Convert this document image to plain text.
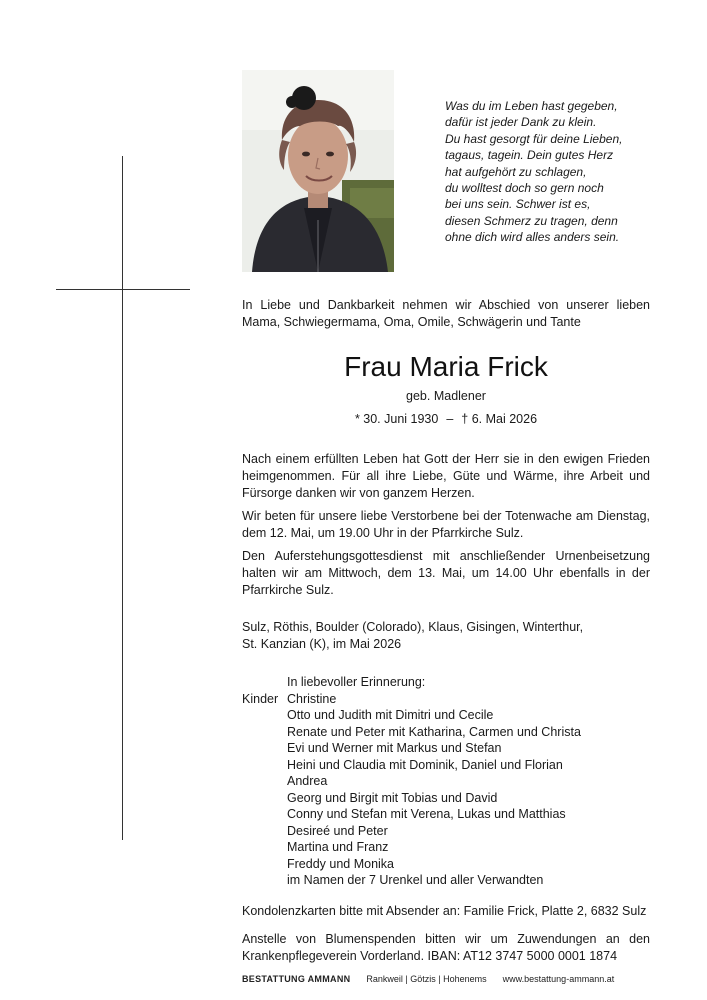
Was du im Leben hast gegeben,
dafür ist jeder Dank zu klein.
Du hast gesorgt für deine Lieben,
tagaus, tagein. Dein gutes Herz
hat aufgehört zu schlagen,
du wolltest doch so gern noch
bei uns sein. Schwer ist es,
diesen Schmerz zu tragen, denn
ohne dich wird alles anders sein.
In Liebe und Dankbarkeit nehmen wir Abschied von unserer lieben Mama, Schwiegermama, Oma, Omile, Schwägerin und Tante
Frau Maria Frick
geb. Madlener
* 30. Juni 1930 – † 6. Mai 2026
Nach einem erfüllten Leben hat Gott der Herr sie in den ewigen Frieden heimgenommen. Für all ihre Liebe, Güte und Wärme, ihre Arbeit und Fürsorge danken wir von ganzem Herzen.
Wir beten für unsere liebe Verstorbene bei der Totenwache am Dienstag, dem 12. Mai, um 19.00 Uhr in der Pfarrkirche Sulz.
Den Auferstehungsgottesdienst mit anschließender Urnenbeisetzung halten wir am Mittwoch, dem 13. Mai, um 14.00 Uhr ebenfalls in der Pfarrkirche Sulz.
Sulz, Röthis, Boulder (Colorado), Klaus, Gisingen, Winterthur,
St. Kanzian (K), im Mai 2026
In liebevoller Erinnerung:
Kinder Christine
Otto und Judith mit Dimitri und Cecile
Renate und Peter mit Katharina, Carmen und Christa
Evi und Werner mit Markus und Stefan
Heini und Claudia mit Dominik, Daniel und Florian
Andrea
Georg und Birgit mit Tobias und David
Conny und Stefan mit Verena, Lukas und Matthias
Desireé und Peter
Martina und Franz
Freddy und Monika
im Namen der 7 Urenkel und aller Verwandten
Kondolenzkarten bitte mit Absender an: Familie Frick, Platte 2, 6832 Sulz
Anstelle von Blumenspenden bitten wir um Zuwendungen an den Krankenpflegeverein Vorderland. IBAN: AT12 3747 5000 0001 1874
BESTATTUNG AMMANN Rankweil | Götzis | Hohenems www.bestattung-ammann.at
